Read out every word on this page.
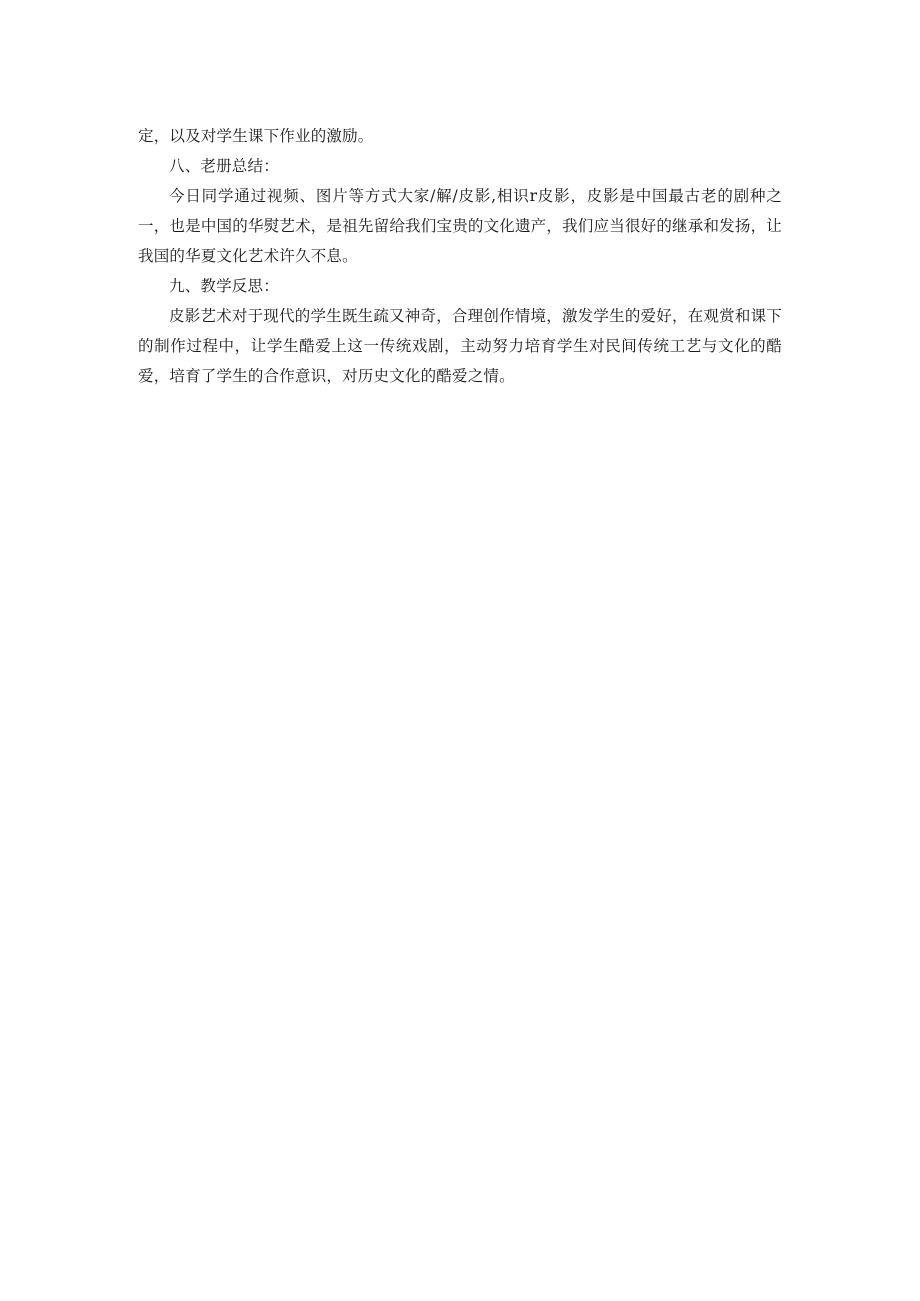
定，以及对学生课下作业的激励。

八、老册总结：

今日同学通过视频、图片等方式大家/解/皮影,相识r皮影，皮影是中国最古老的剧种之一，也是中国的华熨艺术，是祖先留给我们宝贵的文化遗产，我们应当很好的继承和发扬，让我国的华夏文化艺术许久不息。

九、教学反思：

皮影艺术对于现代的学生既生疏又神奇，合理创作情境，激发学生的爱好，在观赏和课下的制作过程中，让学生酷爱上这一传统戏剧，主动努力培育学生对民间传统工艺与文化的酷爱，培育了学生的合作意识，对历史文化的酷爱之情。
